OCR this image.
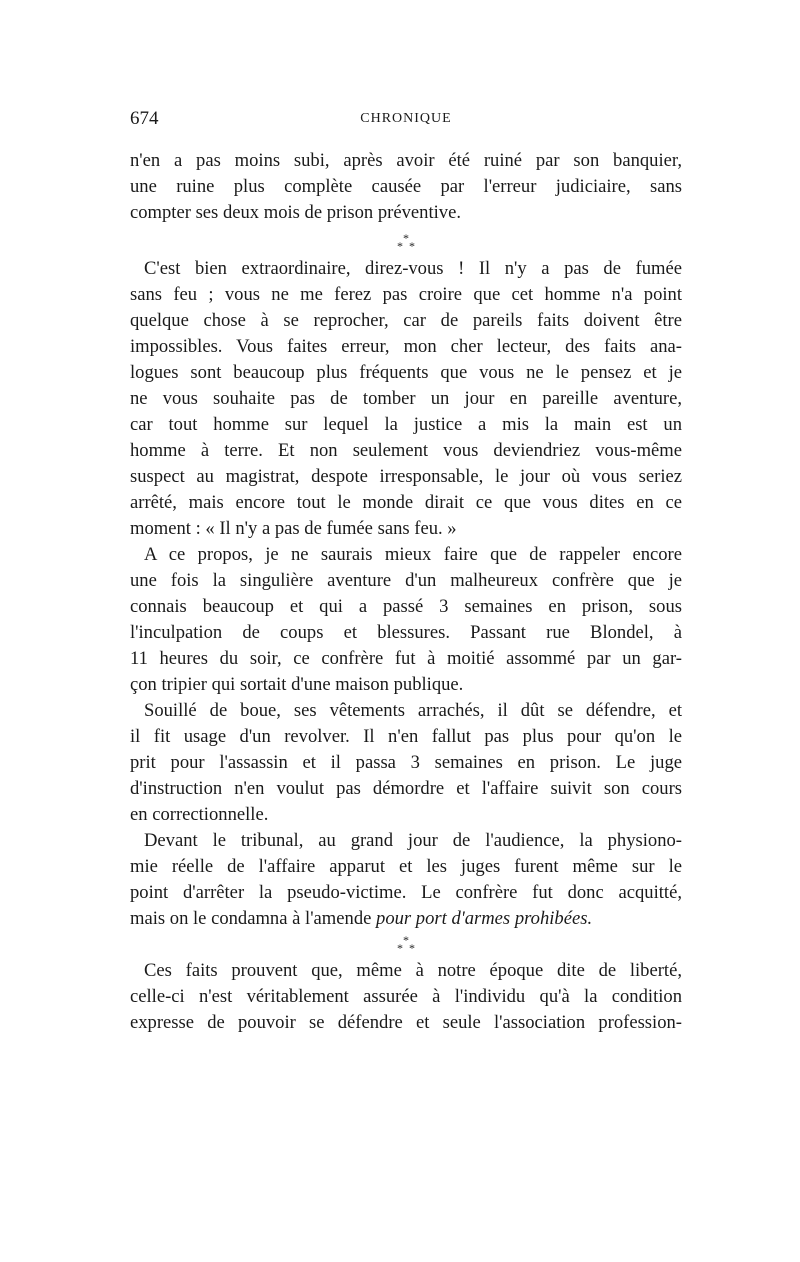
674	CHRONIQUE
n'en a pas moins subi, après avoir été ruiné par son banquier,
une ruine plus complète causée par l'erreur judiciaire, sans
compter ses deux mois de prison préventive.
*
* *
C'est bien extraordinaire, direz-vous ! Il n'y a pas de fumée
sans feu ; vous ne me ferez pas croire que cet homme n'a point
quelque chose à se reprocher, car de pareils faits doivent être
impossibles. Vous faites erreur, mon cher lecteur, des faits ana-
logues sont beaucoup plus fréquents que vous ne le pensez et je
ne vous souhaite pas de tomber un jour en pareille aventure,
car tout homme sur lequel la justice a mis la main est un
homme à terre. Et non seulement vous deviendriez vous-même
suspect au magistrat, despote irresponsable, le jour où vous seriez
arrêté, mais encore tout le monde dirait ce que vous dites en ce
moment : « Il n'y a pas de fumée sans feu. »
A ce propos, je ne saurais mieux faire que de rappeler encore
une fois la singulière aventure d'un malheureux confrère que je
connais beaucoup et qui a passé 3 semaines en prison, sous
l'inculpation de coups et blessures. Passant rue Blondel, à
11 heures du soir, ce confrère fut à moitié assommé par un gar-
çon tripier qui sortait d'une maison publique.
Souillé de boue, ses vêtements arrachés, il dût se défendre, et
il fit usage d'un revolver. Il n'en fallut pas plus pour qu'on le
prit pour l'assassin et il passa 3 semaines en prison. Le juge
d'instruction n'en voulut pas démordre et l'affaire suivit son cours
en correctionnelle.
Devant le tribunal, au grand jour de l'audience, la physiono-
mie réelle de l'affaire apparut et les juges furent même sur le
point d'arrêter la pseudo-victime. Le confrère fut donc acquitté,
mais on le condamna à l'amende pour port d'armes prohibées.
*
* *
Ces faits prouvent que, même à notre époque dite de liberté,
celle-ci n'est véritablement assurée à l'individu qu'à la condition
expresse de pouvoir se défendre et seule l'association profession-
